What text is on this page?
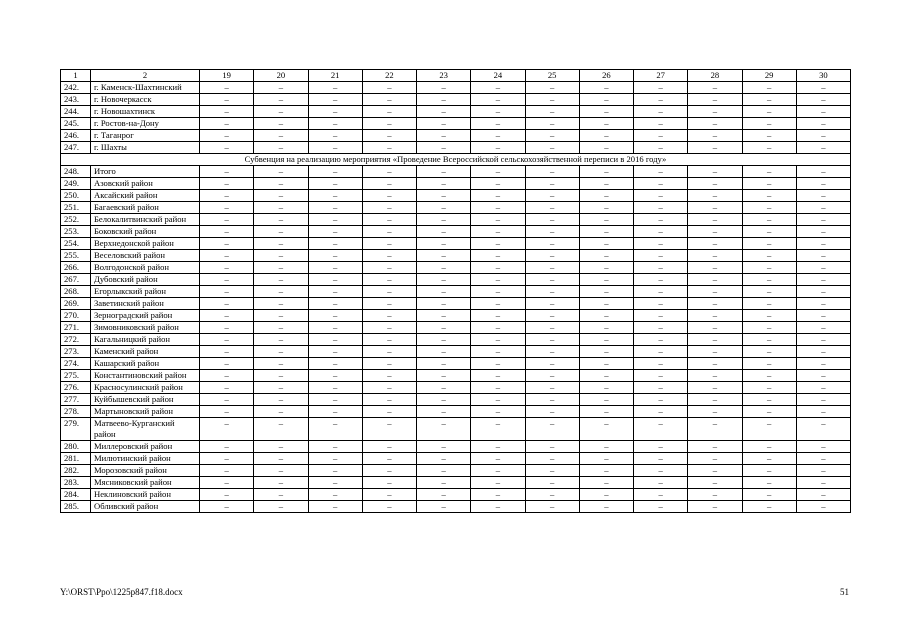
1	2	19	20	21	22	23	24	25	26	27	28	29	30
242.	г. Каменск-Шахтинский	–	–	–	–	–	–	–	–	–	–	–	–
243.	г. Новочеркасск	–	–	–	–	–	–	–	–	–	–	–	–
244.	г. Новошахтинск	–	–	–	–	–	–	–	–	–	–	–	–
245.	г. Ростов-на-Дону	–	–	–	–	–	–	–	–	–	–	–	–
246.	г. Таганрог	–	–	–	–	–	–	–	–	–	–	–	–
247.	г. Шахты	–	–	–	–	–	–	–	–	–	–	–	–
Субвенция на реализацию мероприятия «Проведение Всероссийской сельскохозяйственной переписи в 2016 году»													
248.	Итого	–	–	–	–	–	–	–	–	–	–	–	–
249.	Азовский район	–	–	–	–	–	–	–	–	–	–	–	–
250.	Аксайский район	–	–	–	–	–	–	–	–	–	–	–	–
251.	Багаевский район	–	–	–	–	–	–	–	–	–	–	–	–
252.	Белокалитвинский район	–	–	–	–	–	–	–	–	–	–	–	–
253.	Боковский район	–	–	–	–	–	–	–	–	–	–	–	–
254.	Верхнедонской район	–	–	–	–	–	–	–	–	–	–	–	–
255.	Веселовский район	–	–	–	–	–	–	–	–	–	–	–	–
266.	Волгодонской район	–	–	–	–	–	–	–	–	–	–	–	–
267.	Дубовский район	–	–	–	–	–	–	–	–	–	–	–	–
268.	Егорлыкский район	–	–	–	–	–	–	–	–	–	–	–	–
269.	Заветинский район	–	–	–	–	–	–	–	–	–	–	–	–
270.	Зерноградский район	–	–	–	–	–	–	–	–	–	–	–	–
271.	Зимовниковский район	–	–	–	–	–	–	–	–	–	–	–	–
272.	Кагальницкий район	–	–	–	–	–	–	–	–	–	–	–	–
273.	Каменский район	–	–	–	–	–	–	–	–	–	–	–	–
274.	Кашарский район	–	–	–	–	–	–	–	–	–	–	–	–
275.	Константиновский район	–	–	–	–	–	–	–	–	–	–	–	–
276.	Красносулинский район	–	–	–	–	–	–	–	–	–	–	–	–
277.	Куйбышевский район	–	–	–	–	–	–	–	–	–	–	–	–
278.	Мартыновский район	–	–	–	–	–	–	–	–	–	–	–	–
279.	Матвеево-Курганский район	–	–	–	–	–	–	–	–	–	–	–	–
280.	Миллеровский район	–	–	–	–	–	–	–	–	–	–	–	–
281.	Милютинский район	–	–	–	–	–	–	–	–	–	–	–	–
282.	Морозовский район	–	–	–	–	–	–	–	–	–	–	–	–
283.	Мясниковский район	–	–	–	–	–	–	–	–	–	–	–	–
284.	Неклиновский район	–	–	–	–	–	–	–	–	–	–	–	–
285.	Обливский район	–	–	–	–	–	–	–	–	–	–	–	–
Y:\ORST\Ppo\1225p847.f18.docx	51
